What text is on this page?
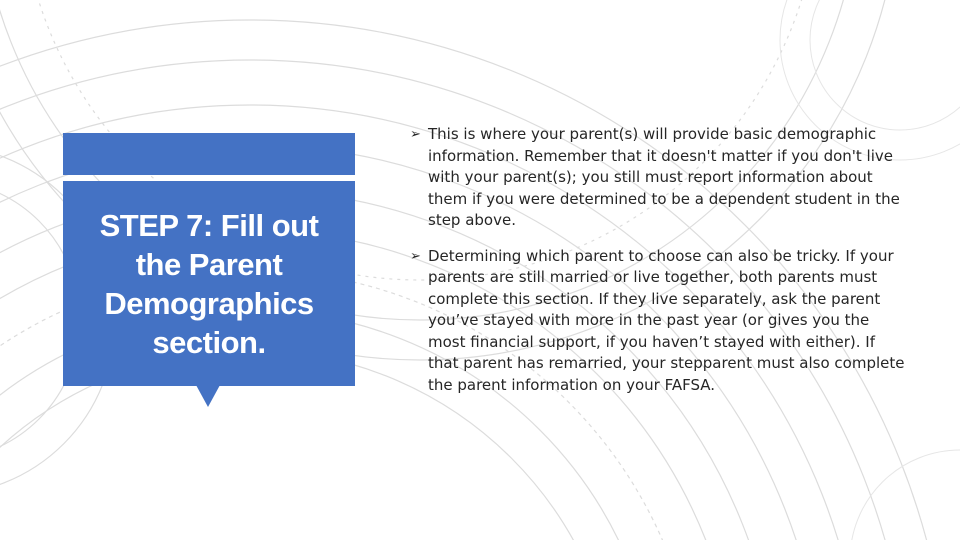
STEP 7: Fill out the Parent Demographics section.
➢ This is where your parent(s) will provide basic demographic information. Remember that it doesn't matter if you don't live with your parent(s); you still must report information about them if you were determined to be a dependent student in the step above.
➢ Determining which parent to choose can also be tricky. If your parents are still married or live together, both parents must complete this section. If they live separately, ask the parent you’ve stayed with more in the past year (or gives you the most financial support, if you haven’t stayed with either). If that parent has remarried, your stepparent must also complete the parent information on your FAFSA.
